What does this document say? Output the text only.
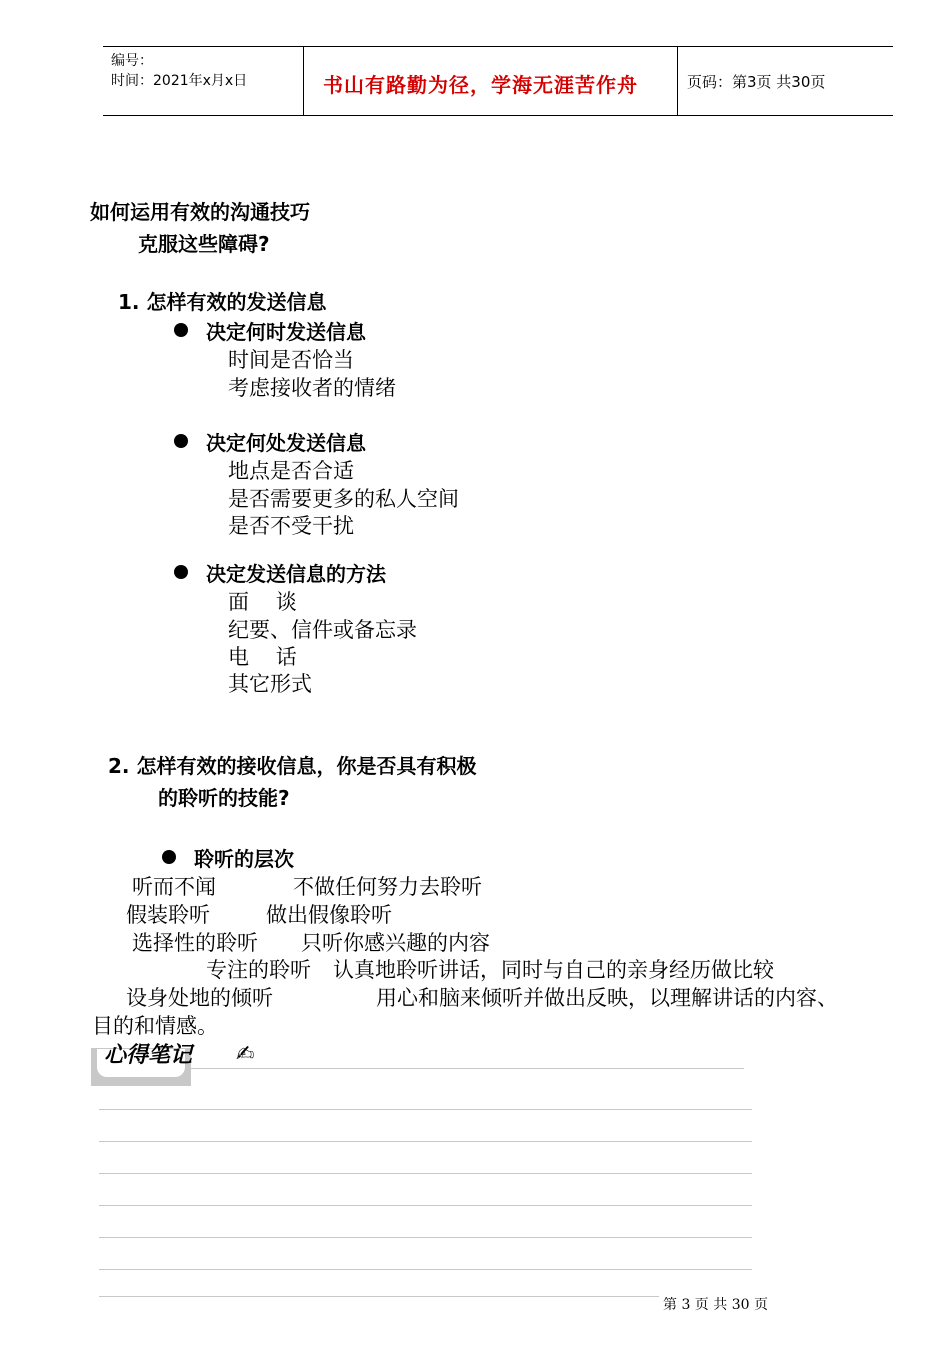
编号：
时间：2021年x月x日	书山有路勤为径，学海无涯苦作舟	页码：第3页 共30页
如何运用有效的沟通技巧
克服这些障碍?
1. 怎样有效的发送信息
决定何时发送信息
时间是否恰当
考虑接收者的情绪
决定何处发送信息
地点是否合适
是否需要更多的私人空间
是否不受干扰
决定发送信息的方法
面    谈
纪要、信件或备忘录
电    话
其它形式
2. 怎样有效的接收信息，你是否具有积极
的聆听的技能?
聆听的层次
听而不闻	不做任何努力去聆听
假装聆听	做出假像聆听
选择性的聆听 只听你感兴趣的内容
专注的聆听 认真地聆听讲话，同时与自己的亲身经历做比较
设身处地的倾听	用心和脑来倾听并做出反映，以理解讲话的内容、
目的和情感。
心得笔记 ✍
第 3 页 共 30 页
